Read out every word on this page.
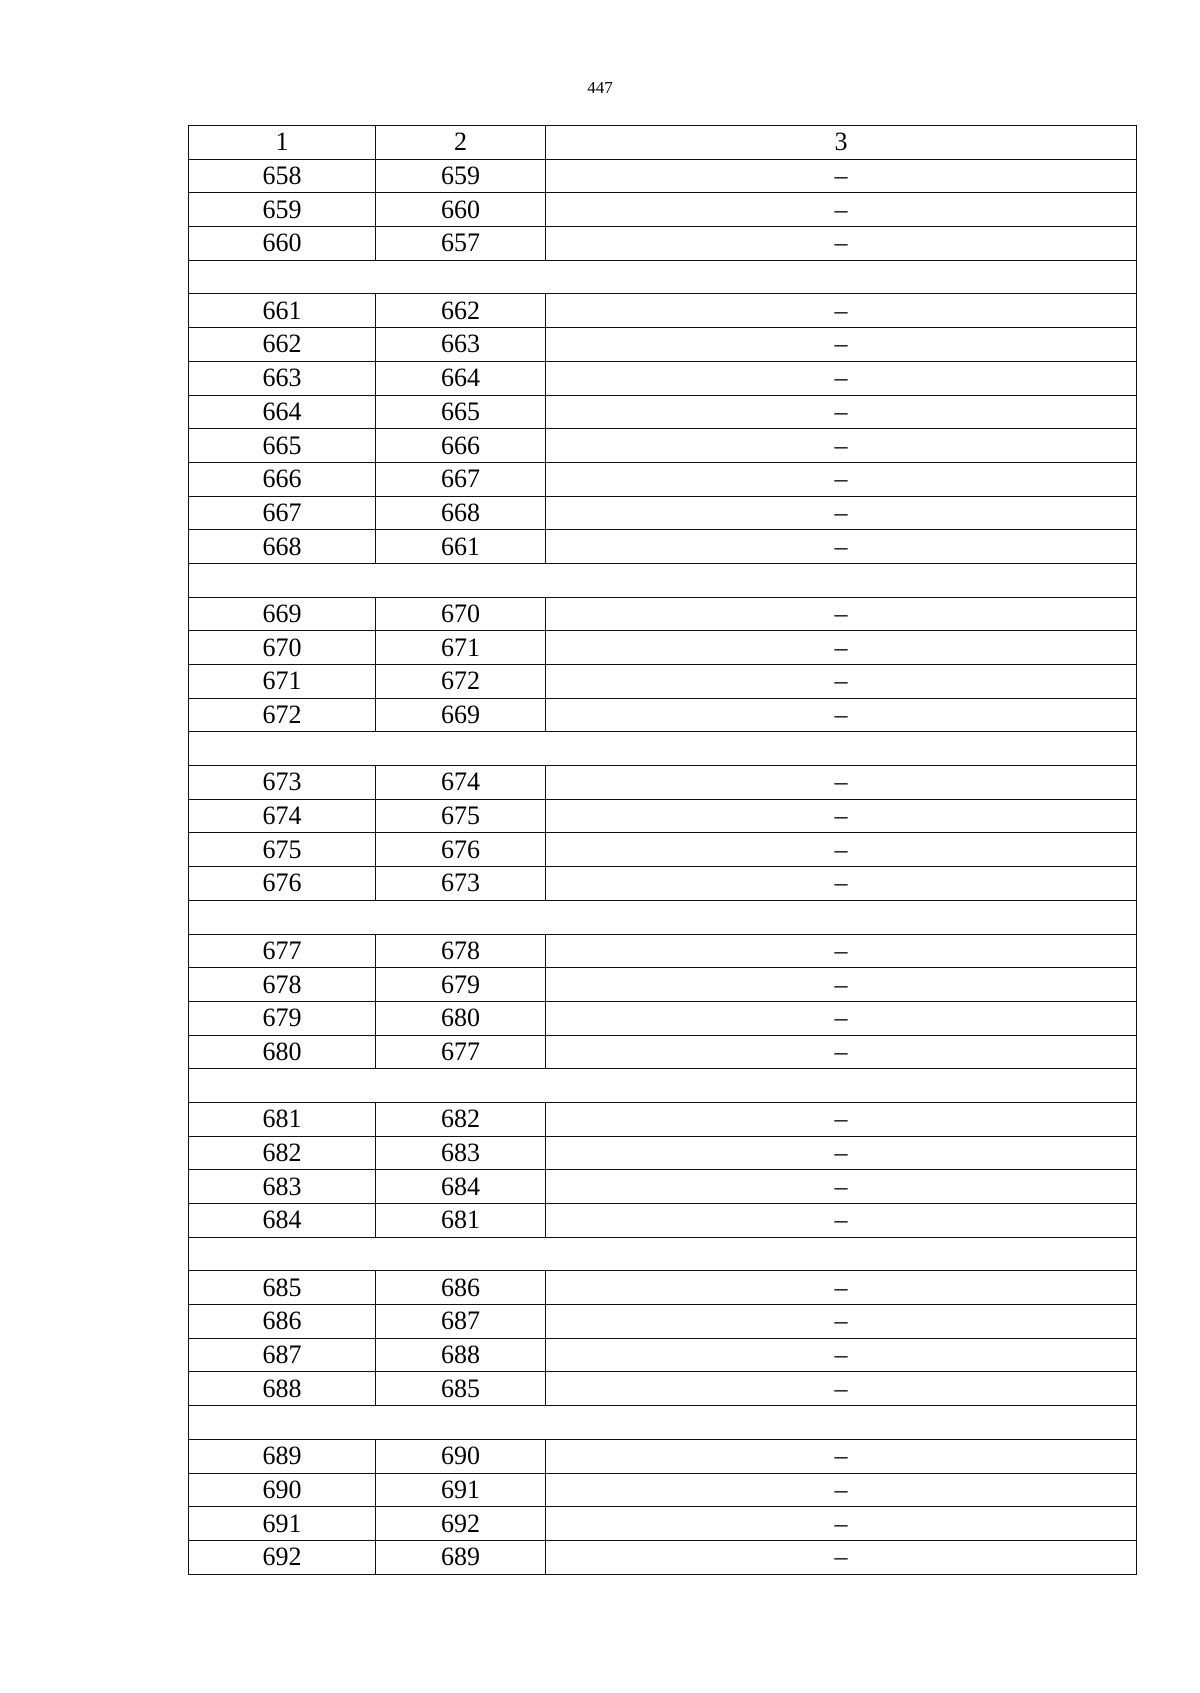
447
1	2	3
658	659	–
659	660	–
660	657	–

661	662	–
662	663	–
663	664	–
664	665	–
665	666	–
666	667	–
667	668	–
668	661	–

669	670	–
670	671	–
671	672	–
672	669	–

673	674	–
674	675	–
675	676	–
676	673	–

677	678	–
678	679	–
679	680	–
680	677	–

681	682	–
682	683	–
683	684	–
684	681	–

685	686	–
686	687	–
687	688	–
688	685	–

689	690	–
690	691	–
691	692	–
692	689	–
